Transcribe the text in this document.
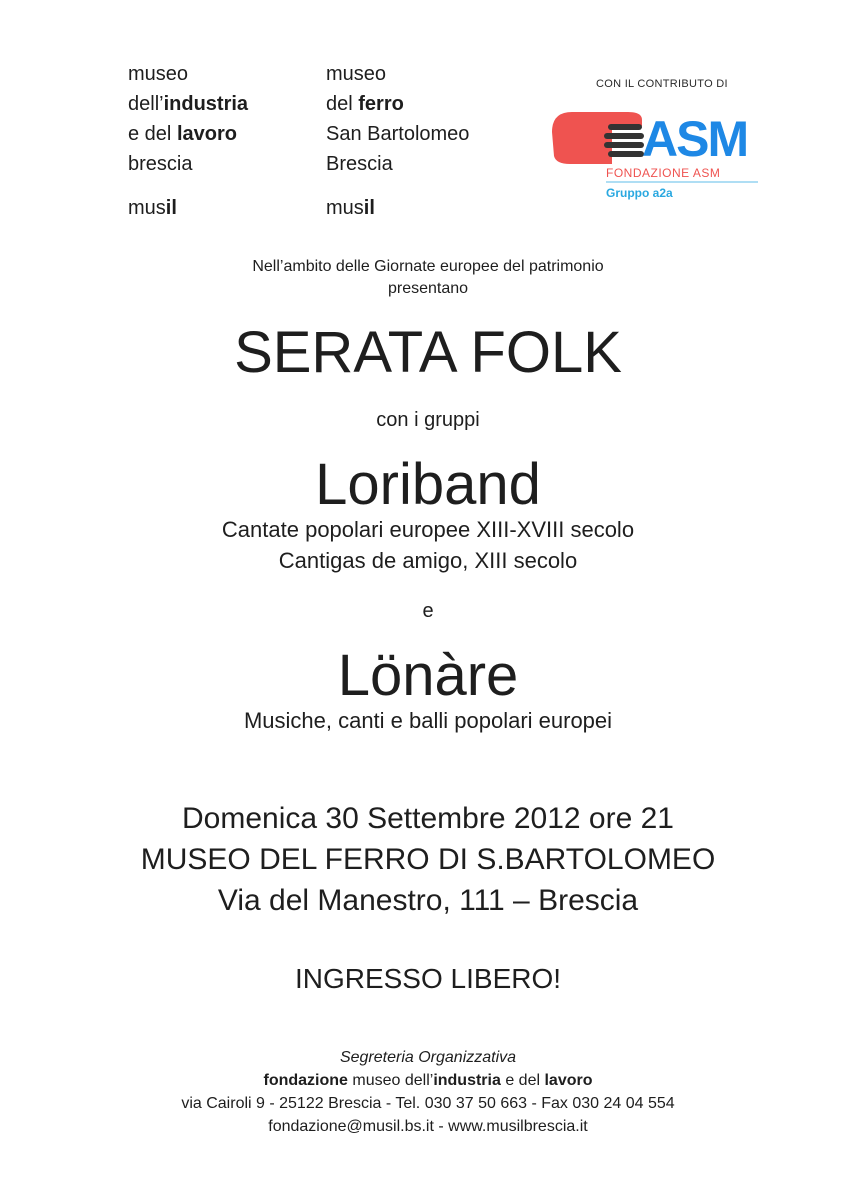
museo
dell’industria
e del lavoro
brescia
musil
museo
del ferro
San Bartolomeo
Brescia
musil
CON IL CONTRIBUTO DI
ASM
FONDAZIONE ASM
Gruppo a2a
Nell’ambito delle Giornate europee del patrimonio
presentano
SERATA FOLK
con i gruppi
Loriband
Cantate popolari europee XIII-XVIII secolo
Cantigas de amigo, XIII secolo
e
Lönàre
Musiche, canti e balli popolari europei
Domenica 30 Settembre 2012 ore 21
MUSEO DEL FERRO DI S.BARTOLOMEO
Via del Manestro, 111 – Brescia
INGRESSO LIBERO!
Segreteria Organizzativa
fondazione museo dell’industria e del lavoro
via Cairoli 9 - 25122 Brescia - Tel. 030 37 50 663 - Fax 030 24 04 554
fondazione@musil.bs.it - www.musilbrescia.it
